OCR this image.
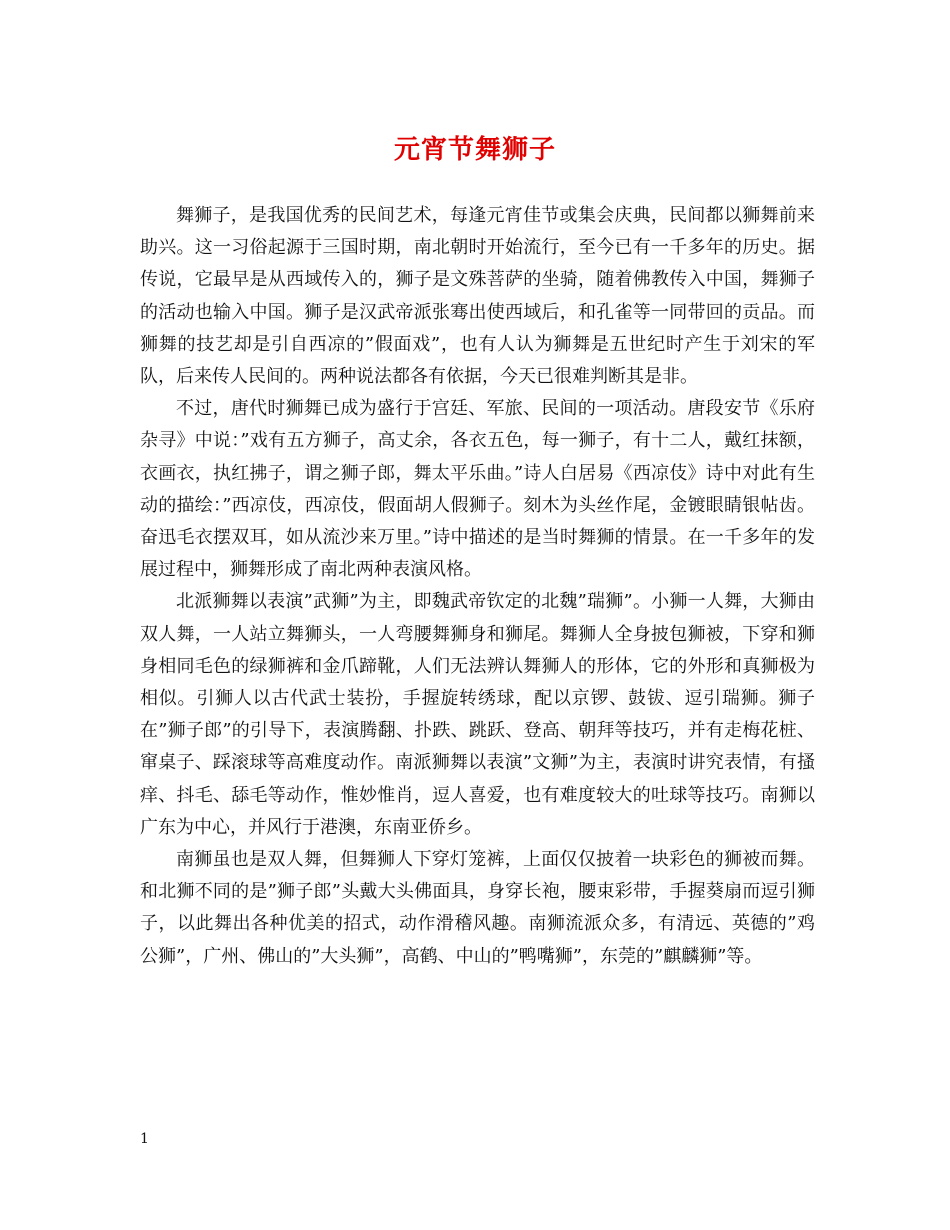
元宵节舞狮子

舞狮子，是我国优秀的民间艺术，每逢元宵佳节或集会庆典，民间都以狮舞前来助兴。这一习俗起源于三国时期，南北朝时开始流行，至今已有一千多年的历史。据传说，它最早是从西域传入的，狮子是文殊菩萨的坐骑，随着佛教传入中国，舞狮子的活动也输入中国。狮子是汉武帝派张骞出使西域后，和孔雀等一同带回的贡品。而狮舞的技艺却是引自西凉的”假面戏”，也有人认为狮舞是五世纪时产生于刘宋的军队，后来传人民间的。两种说法都各有依据，今天已很难判断其是非。

不过，唐代时狮舞已成为盛行于宫廷、军旅、民间的一项活动。唐段安节《乐府杂寻》中说：”戏有五方狮子，高丈余，各衣五色，每一狮子，有十二人，戴红抹额，衣画衣，执红拂子，谓之狮子郎，舞太平乐曲。”诗人白居易《西凉伎》诗中对此有生动的描绘：”西凉伎，西凉伎，假面胡人假狮子。刻木为头丝作尾，金镀眼睛银帖齿。奋迅毛衣摆双耳，如从流沙来万里。”诗中描述的是当时舞狮的情景。在一千多年的发展过程中，狮舞形成了南北两种表演风格。

北派狮舞以表演”武狮”为主，即魏武帝钦定的北魏”瑞狮”。小狮一人舞，大狮由双人舞，一人站立舞狮头，一人弯腰舞狮身和狮尾。舞狮人全身披包狮被，下穿和狮身相同毛色的绿狮裤和金爪蹄靴，人们无法辨认舞狮人的形体，它的外形和真狮极为相似。引狮人以古代武士装扮，手握旋转绣球，配以京锣、鼓钹、逗引瑞狮。狮子在”狮子郎”的引导下，表演腾翻、扑跌、跳跃、登高、朝拜等技巧，并有走梅花桩、窜桌子、踩滚球等高难度动作。南派狮舞以表演”文狮”为主，表演时讲究表情，有搔痒、抖毛、舔毛等动作，惟妙惟肖，逗人喜爱，也有难度较大的吐球等技巧。南狮以广东为中心，并风行于港澳，东南亚侨乡。

南狮虽也是双人舞，但舞狮人下穿灯笼裤，上面仅仅披着一块彩色的狮被而舞。和北狮不同的是”狮子郎”头戴大头佛面具，身穿长袍，腰束彩带，手握葵扇而逗引狮子，以此舞出各种优美的招式，动作滑稽风趣。南狮流派众多，有清远、英德的”鸡公狮”，广州、佛山的”大头狮”，高鹤、中山的”鸭嘴狮”，东莞的”麒麟狮”等。

1
